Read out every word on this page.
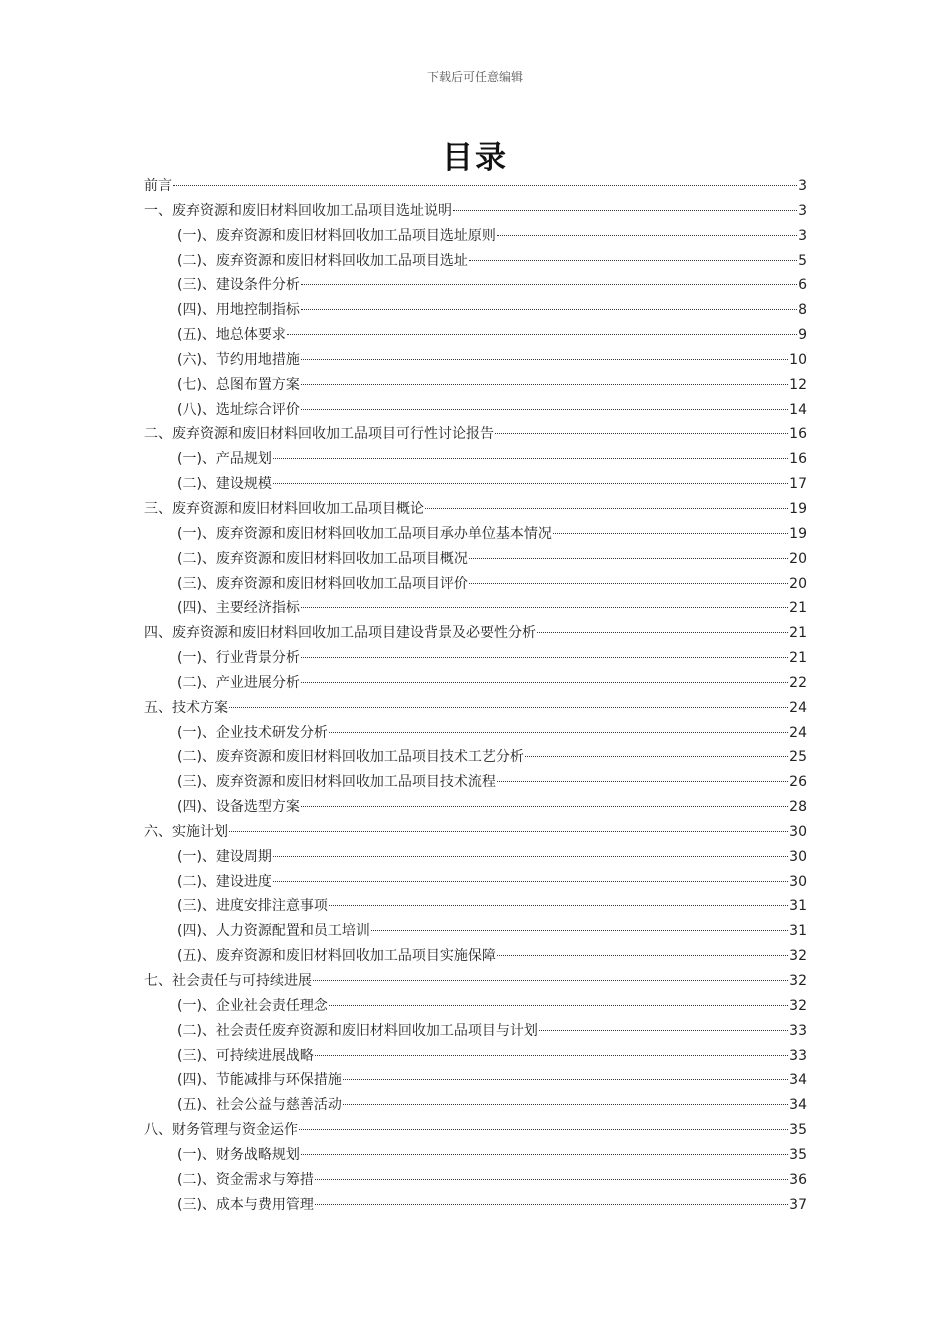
下载后可任意编辑
目录
前言	3
一、废弃资源和废旧材料回收加工品项目选址说明	3
(一)、废弃资源和废旧材料回收加工品项目选址原则	3
(二)、废弃资源和废旧材料回收加工品项目选址	5
(三)、建设条件分析	6
(四)、用地控制指标	8
(五)、地总体要求	9
(六)、节约用地措施	10
(七)、总图布置方案	12
(八)、选址综合评价	14
二、废弃资源和废旧材料回收加工品项目可行性讨论报告	16
(一)、产品规划	16
(二)、建设规模	17
三、废弃资源和废旧材料回收加工品项目概论	19
(一)、废弃资源和废旧材料回收加工品项目承办单位基本情况	19
(二)、废弃资源和废旧材料回收加工品项目概况	20
(三)、废弃资源和废旧材料回收加工品项目评价	20
(四)、主要经济指标	21
四、废弃资源和废旧材料回收加工品项目建设背景及必要性分析	21
(一)、行业背景分析	21
(二)、产业进展分析	22
五、技术方案	24
(一)、企业技术研发分析	24
(二)、废弃资源和废旧材料回收加工品项目技术工艺分析	25
(三)、废弃资源和废旧材料回收加工品项目技术流程	26
(四)、设备选型方案	28
六、实施计划	30
(一)、建设周期	30
(二)、建设进度	30
(三)、进度安排注意事项	31
(四)、人力资源配置和员工培训	31
(五)、废弃资源和废旧材料回收加工品项目实施保障	32
七、社会责任与可持续进展	32
(一)、企业社会责任理念	32
(二)、社会责任废弃资源和废旧材料回收加工品项目与计划	33
(三)、可持续进展战略	33
(四)、节能减排与环保措施	34
(五)、社会公益与慈善活动	34
八、财务管理与资金运作	35
(一)、财务战略规划	35
(二)、资金需求与筹措	36
(三)、成本与费用管理	37
